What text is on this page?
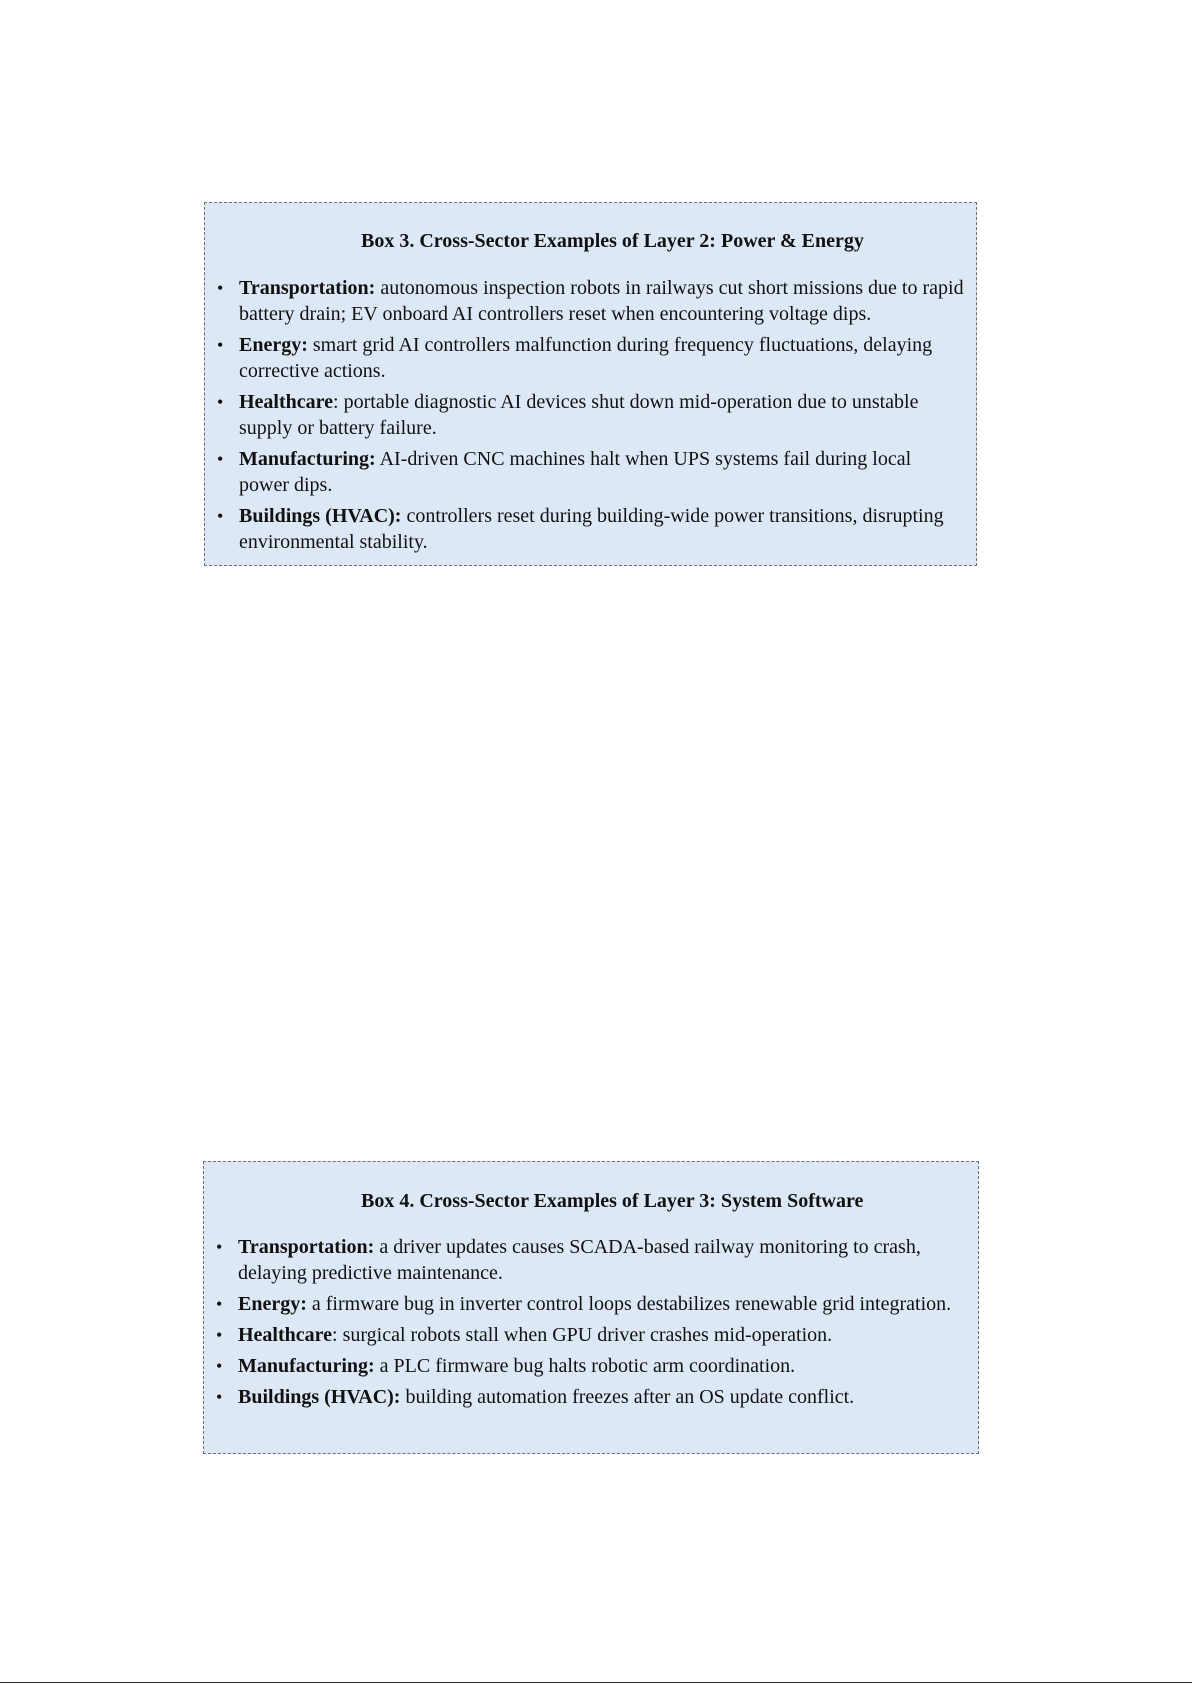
Box 3. Cross-Sector Examples of Layer 2: Power & Energy
• Transportation: autonomous inspection robots in railways cut short missions due to rapid battery drain; EV onboard AI controllers reset when encountering voltage dips.
• Energy: smart grid AI controllers malfunction during frequency fluctuations, delaying corrective actions.
• Healthcare: portable diagnostic AI devices shut down mid-operation due to unstable supply or battery failure.
• Manufacturing: AI-driven CNC machines halt when UPS systems fail during local power dips.
• Buildings (HVAC): controllers reset during building-wide power transitions, disrupting environmental stability.
Box 4. Cross-Sector Examples of Layer 3: System Software
• Transportation: a driver updates causes SCADA-based railway monitoring to crash, delaying predictive maintenance.
• Energy: a firmware bug in inverter control loops destabilizes renewable grid integration.
• Healthcare: surgical robots stall when GPU driver crashes mid-operation.
• Manufacturing: a PLC firmware bug halts robotic arm coordination.
• Buildings (HVAC): building automation freezes after an OS update conflict.
